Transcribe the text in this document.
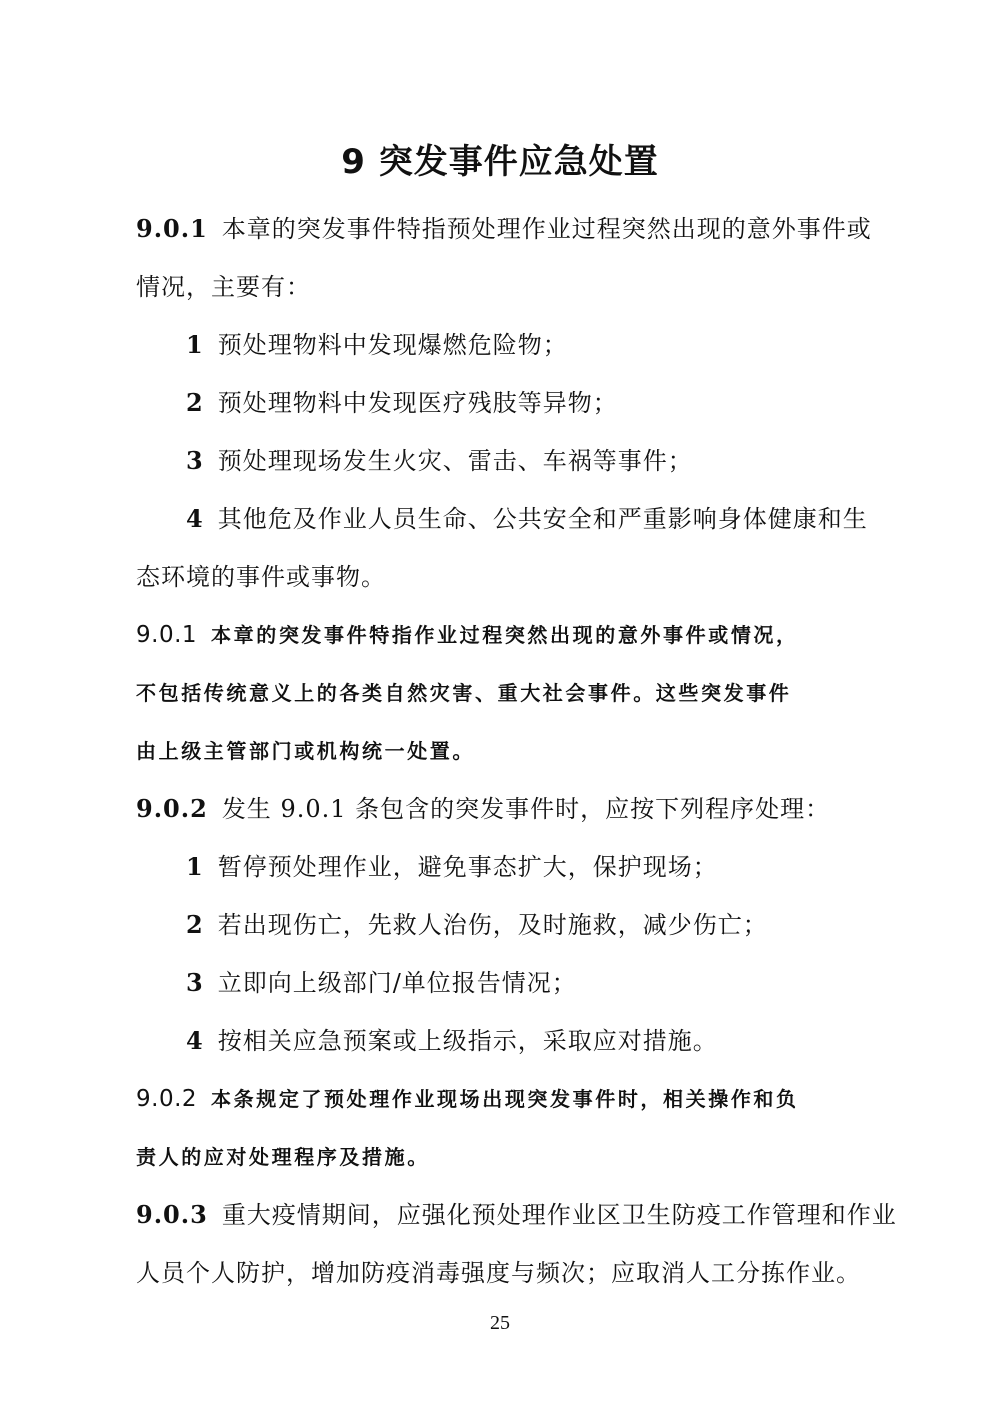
9 突发事件应急处置
9.0.1 本章的突发事件特指预处理作业过程突然出现的意外事件或
情况，主要有：
1 预处理物料中发现爆燃危险物；
2 预处理物料中发现医疗残肢等异物；
3 预处理现场发生火灾、雷击、车祸等事件；
4 其他危及作业人员生命、公共安全和严重影响身体健康和生
态环境的事件或事物。
9.0.1 本章的突发事件特指作业过程突然出现的意外事件或情况，
不包括传统意义上的各类自然灾害、重大社会事件。这些突发事件
由上级主管部门或机构统一处置。
9.0.2 发生 9.0.1 条包含的突发事件时，应按下列程序处理：
1 暂停预处理作业，避免事态扩大，保护现场；
2 若出现伤亡，先救人治伤，及时施救，减少伤亡；
3 立即向上级部门/单位报告情况；
4 按相关应急预案或上级指示，采取应对措施。
9.0.2 本条规定了预处理作业现场出现突发事件时，相关操作和负
责人的应对处理程序及措施。
9.0.3 重大疫情期间，应强化预处理作业区卫生防疫工作管理和作业
人员个人防护，增加防疫消毒强度与频次；应取消人工分拣作业。
25
